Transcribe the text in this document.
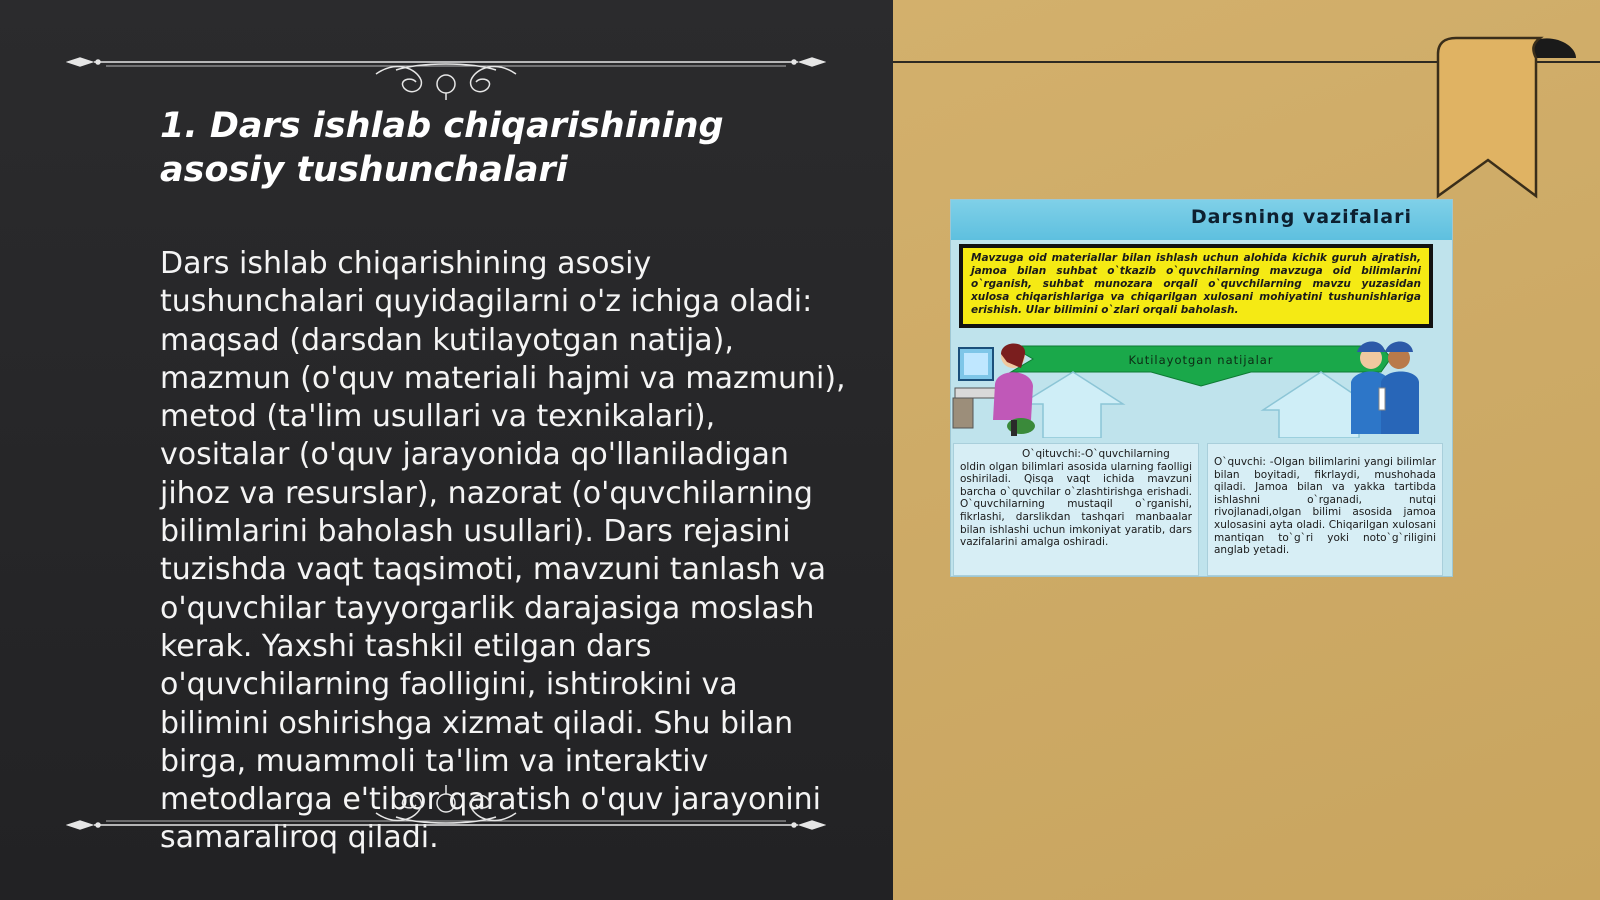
1. Dars ishlab chiqarishining asosiy tushunchalari
Dars ishlab chiqarishining asosiy tushunchalari quyidagilarni o'z ichiga oladi: maqsad (darsdan kutilayotgan natija), mazmun (o'quv materiali hajmi va mazmuni), metod (ta'lim usullari va texnikalari), vositalar (o'quv jarayonida qo'llaniladigan jihoz va resurslar), nazorat (o'quvchilarning bilimlarini baholash usullari). Dars rejasini tuzishda vaqt taqsimoti, mavzuni tanlash va o'quvchilar tayyorgarlik darajasiga moslash kerak. Yaxshi tashkil etilgan dars o'quvchilarning faolligini, ishtirokini va bilimini oshirishga xizmat qiladi. Shu bilan birga, muammoli ta'lim va interaktiv metodlarga e'tibor qaratish o'quv jarayonini samaraliroq qiladi.
Darsning vazifalari
Mavzuga oid materiallar bilan ishlash uchun alohida kichik guruh ajratish, jamoa bilan suhbat o`tkazib o`quvchilarning mavzuga oid bilimlarini o`rganish, suhbat munozara orqali o`quvchilarning mavzu yuzasidan xulosa chiqarishlariga va chiqarilgan xulosani mohiyatini tushunishlariga erishish. Ular bilimini o`zlari orqali baholash.
Kutilayotgan natijalar
O`qituvchi:-O`quvchilarning
oldin olgan bilimlari asosida ularning faolligi oshiriladi. Qisqa vaqt ichida mavzuni barcha o`quvchilar o`zlashtirishga erishadi. O`quvchilarning mustaqil o`rganishi, fikrlashi, darslikdan tashqari manbaalar bilan ishlashi uchun imkoniyat yaratib, dars vazifalarini amalga oshiradi.
O`quvchi: -Olgan bilimlarini yangi bilimlar bilan boyitadi, fikrlaydi, mushohada qiladi. Jamoa bilan va yakka tartibda ishlashni o`rganadi, nutqi rivojlanadi,olgan bilimi asosida jamoa xulosasini ayta oladi. Chiqarilgan xulosani mantiqan to`g`ri yoki noto`g`riligini anglab yetadi.
